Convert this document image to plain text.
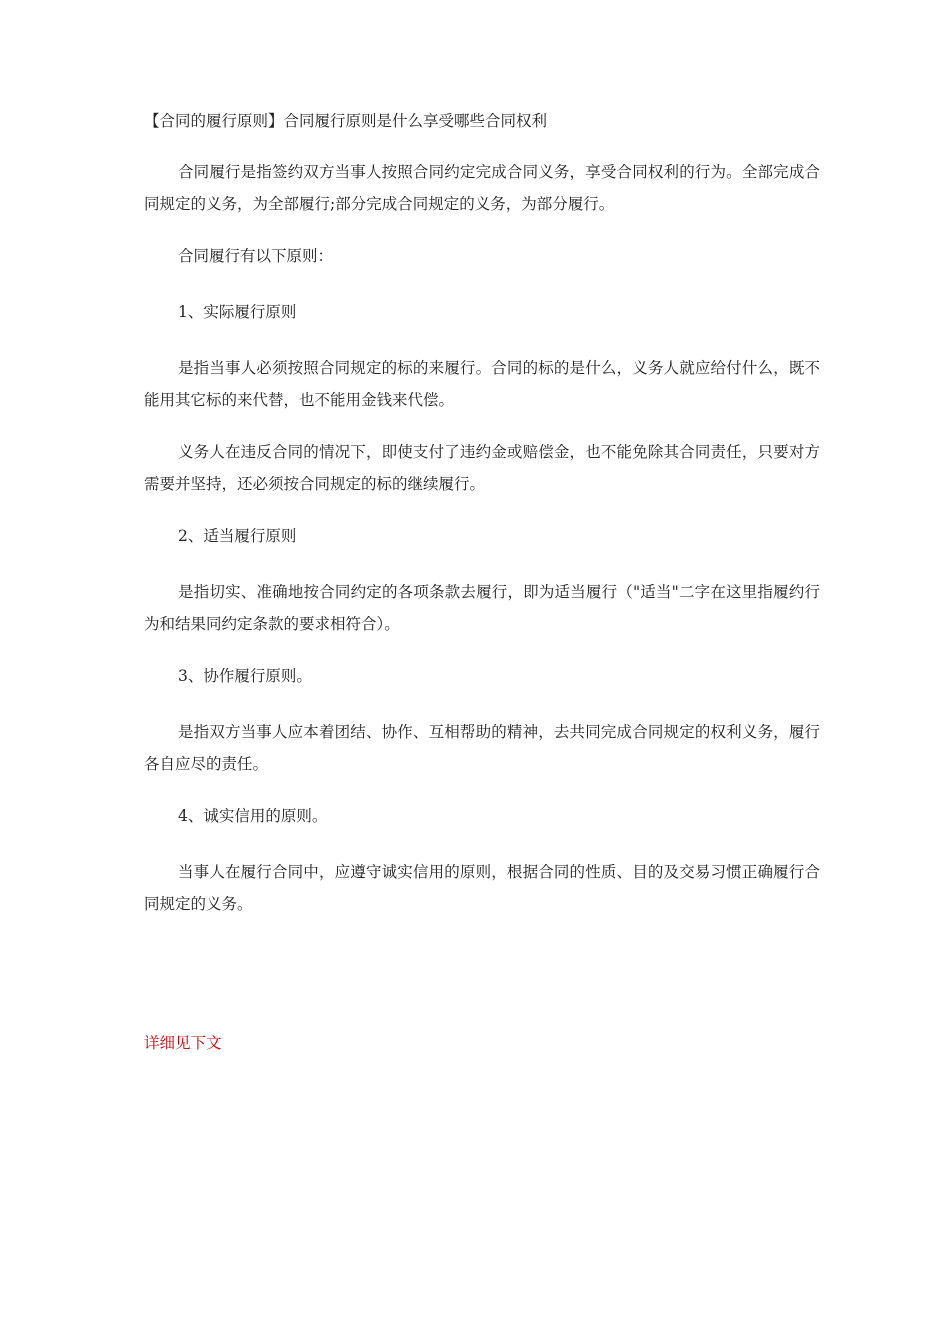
【合同的履行原则】合同履行原则是什么享受哪些合同权利

合同履行是指签约双方当事人按照合同约定完成合同义务，享受合同权利的行为。全部完成合同规定的义务，为全部履行;部分完成合同规定的义务，为部分履行。

合同履行有以下原则：

1、实际履行原则

是指当事人必须按照合同规定的标的来履行。合同的标的是什么，义务人就应给付什么，既不能用其它标的来代替，也不能用金钱来代偿。

义务人在违反合同的情况下，即使支付了违约金或赔偿金，也不能免除其合同责任，只要对方需要并坚持，还必须按合同规定的标的继续履行。

2、适当履行原则

是指切实、准确地按合同约定的各项条款去履行，即为适当履行（"适当"二字在这里指履约行为和结果同约定条款的要求相符合）。

3、协作履行原则。

是指双方当事人应本着团结、协作、互相帮助的精神，去共同完成合同规定的权利义务，履行各自应尽的责任。

4、诚实信用的原则。

当事人在履行合同中，应遵守诚实信用的原则，根据合同的性质、目的及交易习惯正确履行合同规定的义务。

详细见下文
